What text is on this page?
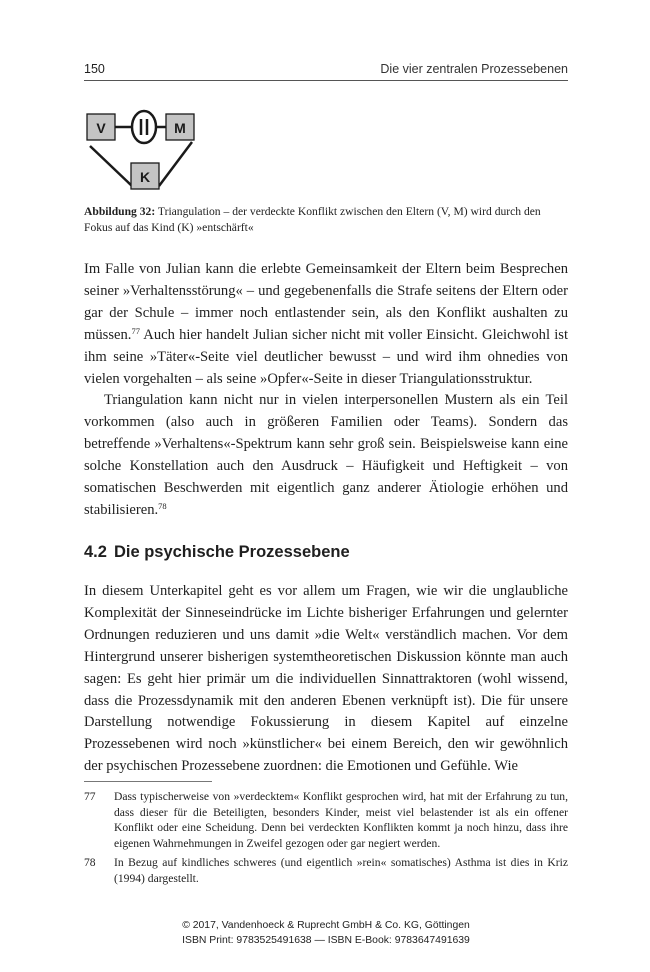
150	Die vier zentralen Prozessebenen
V	M
K
Abbildung 32: Triangulation – der verdeckte Konflikt zwischen den Eltern (V, M) wird durch den Fokus auf das Kind (K) »entschärft«

Im Falle von Julian kann die erlebte Gemeinsamkeit der Eltern beim Besprechen seiner »Verhaltensstörung« – und gegebenenfalls die Strafe seitens der Eltern oder gar der Schule – immer noch entlastender sein, als den Konflikt aushalten zu müssen.$^{77}$ Auch hier handelt Julian sicher nicht mit voller Einsicht. Gleichwohl ist ihm seine »Täter«-Seite viel deutlicher bewusst – und wird ihm ohnedies von vielen vorgehalten – als seine »Opfer«-Seite in dieser Triangulationsstruktur.

Triangulation kann nicht nur in vielen interpersonellen Mustern als ein Teil vorkommen (also auch in größeren Familien oder Teams). Sondern das betreffende »Verhaltens«-Spektrum kann sehr groß sein. Beispielsweise kann eine solche Konstellation auch den Ausdruck – Häufigkeit und Heftigkeit – von somatischen Beschwerden mit eigentlich ganz anderer Ätiologie erhöhen und stabilisieren.$^{78}$

4.2 Die psychische Prozessebene

In diesem Unterkapitel geht es vor allem um Fragen, wie wir die unglaubliche Komplexität der Sinneseindrücke im Lichte bisheriger Erfahrungen und gelernter Ordnungen reduzieren und uns damit »die Welt« verständlich machen. Vor dem Hintergrund unserer bisherigen systemtheoretischen Diskussion könnte man auch sagen: Es geht hier primär um die individuellen Sinnattraktoren (wohl wissend, dass die Prozessdynamik mit den anderen Ebenen verknüpft ist). Die für unsere Darstellung notwendige Fokussierung in diesem Kapitel auf einzelne Prozessebenen wird noch »künstlicher« bei einem Bereich, den wir gewöhnlich der psychischen Prozessebene zuordnen: die Emotionen und Gefühle. Wie

77 Dass typischerweise von »verdecktem« Konflikt gesprochen wird, hat mit der Erfahrung zu tun, dass dieser für die Beteiligten, besonders Kinder, meist viel belastender ist als ein offener Konflikt oder eine Scheidung. Denn bei verdeckten Konflikten kommt ja noch hinzu, dass ihre eigenen Wahrnehmungen in Zweifel gezogen oder gar negiert werden.
78 In Bezug auf kindliches schweres (und eigentlich »rein« somatisches) Asthma ist dies in Kriz (1994) dargestellt.
© 2017, Vandenhoeck & Ruprecht GmbH & Co. KG, Göttingen
ISBN Print: 9783525491638 — ISBN E-Book: 9783647491639
